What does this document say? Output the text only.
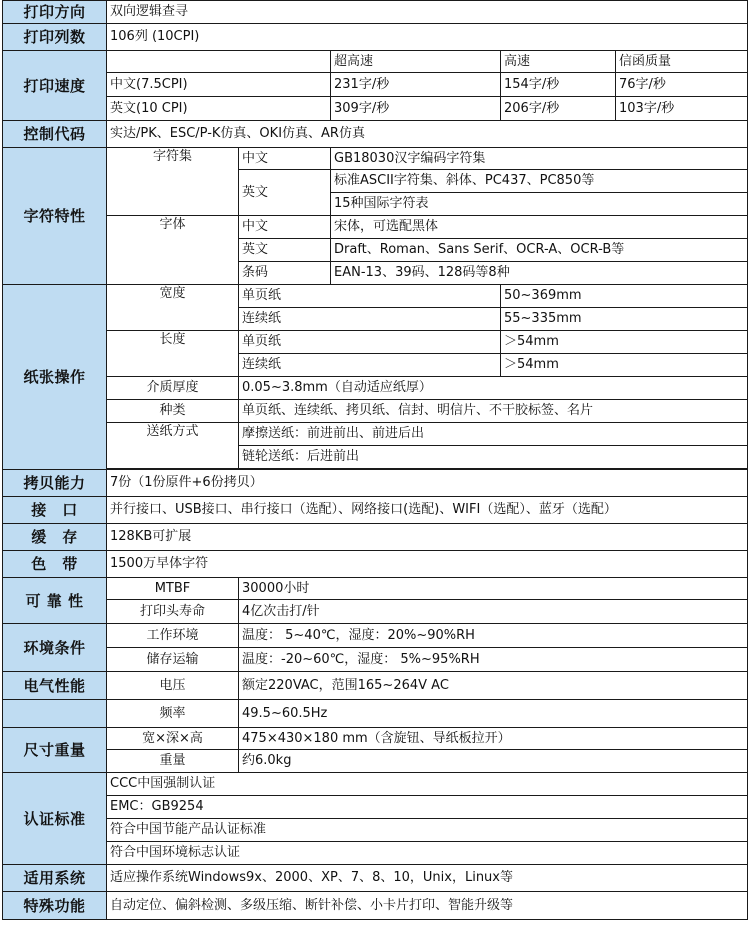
打印方向	双向逻辑查寻				
打印列数	106列 (10CPI)				
打印速度			超高速	高速	信函质量
	中文(7.5CPI)		231字/秒	154字/秒	76字/秒
	英文(10 CPI)		309字/秒	206字/秒	103字/秒
控制代码	实达/PK、ESC/P-K仿真、OKI仿真、AR仿真				
字符特性	字符集	中文	GB18030汉字编码字符集		
		英文	标准ASCII字符集、斜体、PC437、PC850等		
			15种国际字符表		
	字体	中文	宋体，可选配黑体		
		英文	Draft、Roman、Sans Serif、OCR-A、OCR-B等		
		条码	EAN-13、39码、128码等8种		
纸张操作	宽度	单页纸		50~369mm	
		连续纸		55~335mm	
	长度	单页纸		＞54mm	
		连续纸		＞54mm	
	介质厚度	0.05~3.8mm（自动适应纸厚）			
	种类	单页纸、连续纸、拷贝纸、信封、明信片、不干胶标签、名片			
	送纸方式	摩擦送纸：前进前出、前进后出			
		链轮送纸：后进前出			

拷贝能力	7份（1份原件+6份拷贝）				
接　口	并行接口、USB接口、串行接口（选配）、网络接口(选配)、WIFI（选配）、蓝牙（选配）				
缓　存	128KB可扩展				
色　带	1500万早体字符				
可 靠 性	MTBF	30000小时			
	打印头寿命	4亿次击打/针			
环境条件	工作环境	温度： 5~40℃，湿度：20%~90%RH			
	储存运输	温度：-20~60℃，湿度： 5%~95%RH			
电气性能	电压	额定220VAC，范围165~264V AC			
	频率	49.5~60.5Hz			
尺寸重量	宽×深×高	475×430×180 mm（含旋钮、导纸板拉开）			
	重量	约6.0kg			
认证标准	CCC中国强制认证				
	EMC：GB9254				
	符合中国节能产品认证标准				
	符合中国环境标志认证				
适用系统	适应操作系统Windows9x、2000、XP、7、8、10，Unix，Linux等				
特殊功能	自动定位、偏斜检测、多级压缩、断针补偿、小卡片打印、智能升级等				
